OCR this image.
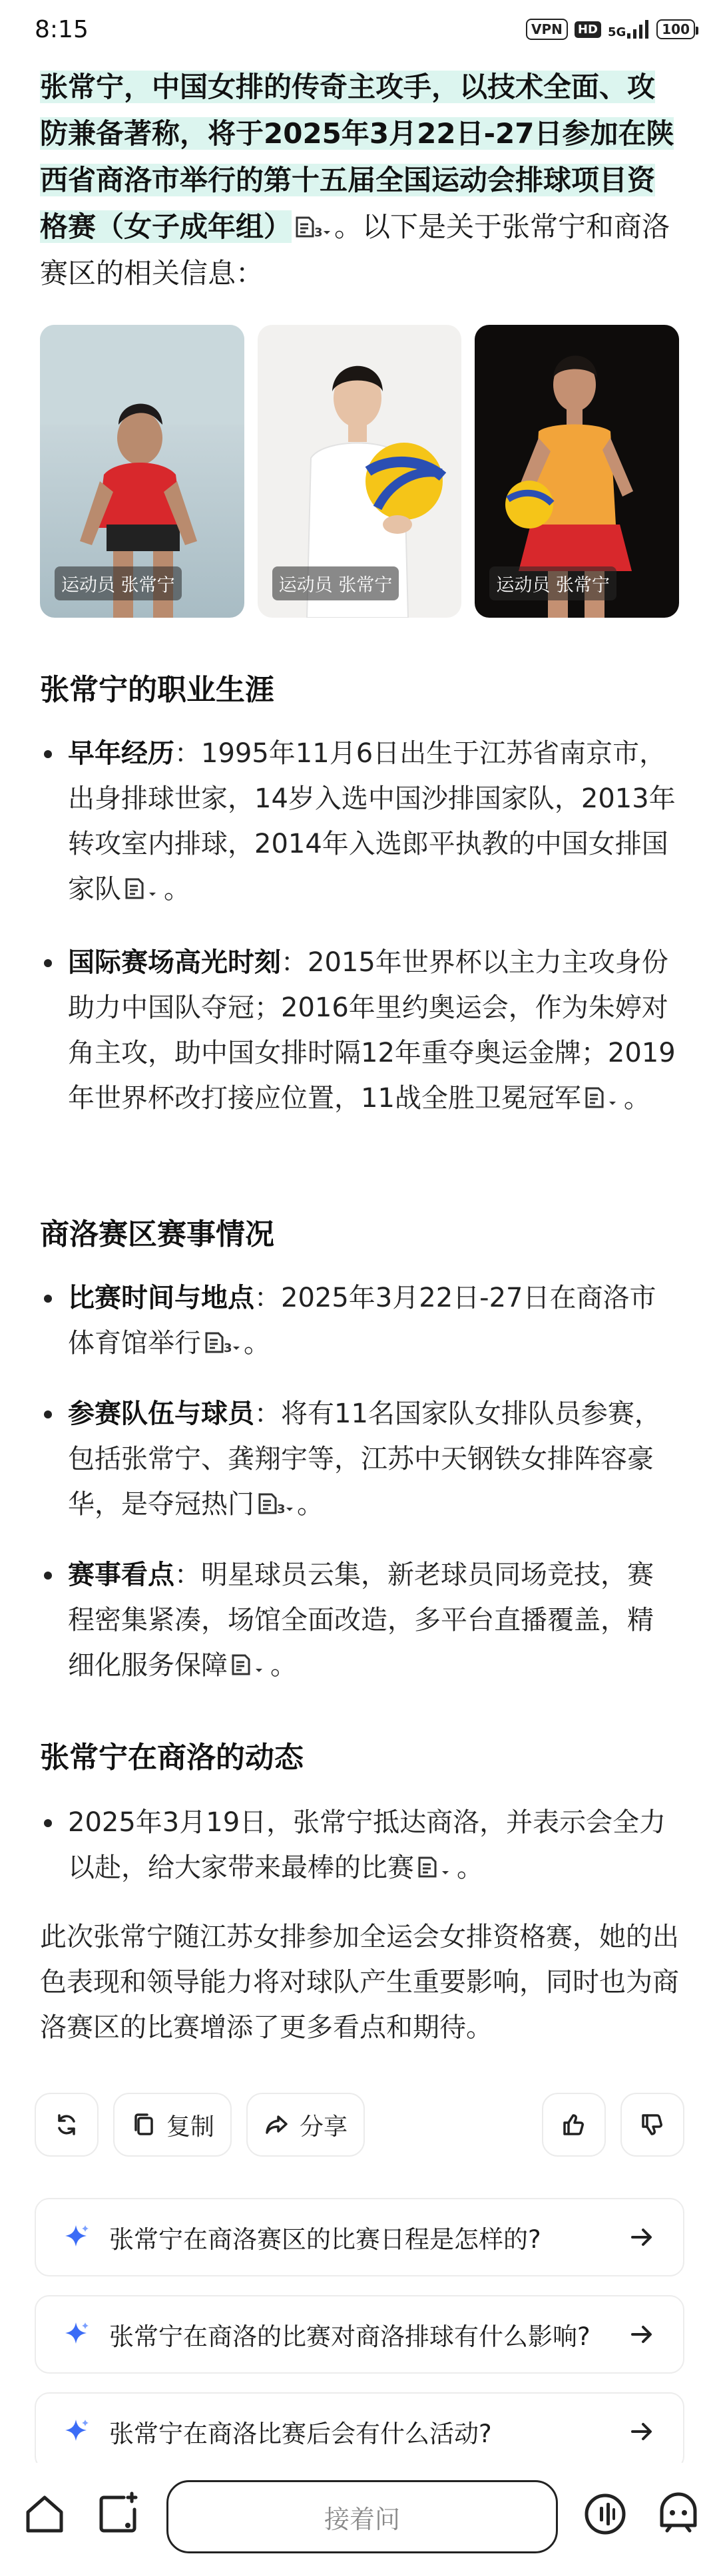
8:15	VPN	HD 5G	100

张常宁，中国女排的传奇主攻手，以技术全面、攻防兼备著称，将于2025年3月22日-27日参加在陕西省商洛市举行的第十五届全国运动会排球项目资格赛（女子成年组） 3 。以下是关于张常宁和商洛赛区的相关信息：

运动员 张常宁	运动员 张常宁	运动员 张常宁
张常宁的职业生涯
早年经历：1995年11月6日出生于江苏省南京市，出身排球世家，14岁入选中国沙排国家队，2013年转攻室内排球，2014年入选郎平执教的中国女排国家队 。
国际赛场高光时刻：2015年世界杯以主力主攻身份助力中国队夺冠；2016年里约奥运会，作为朱婷对角主攻，助中国女排时隔12年重夺奥运金牌；2019年世界杯改打接应位置，11战全胜卫冕冠军 。
商洛赛区赛事情况
比赛时间与地点：2025年3月22日-27日在商洛市体育馆举行 3 。
参赛队伍与球员：将有11名国家队女排队员参赛，包括张常宁、龚翔宇等，江苏中天钢铁女排阵容豪华，是夺冠热门 3 。
赛事看点：明星球员云集，新老球员同场竞技，赛程密集紧凑，场馆全面改造，多平台直播覆盖，精细化服务保障 。
张常宁在商洛的动态
2025年3月19日，张常宁抵达商洛，并表示会全力以赴，给大家带来最棒的比赛 。
此次张常宁随江苏女排参加全运会女排资格赛，她的出色表现和领导能力将对球队产生重要影响，同时也为商洛赛区的比赛增添了更多看点和期待。
复制	分享
张常宁在商洛赛区的比赛日程是怎样的?
张常宁在商洛的比赛对商洛排球有什么影响?
张常宁在商洛比赛后会有什么活动?
接着问
